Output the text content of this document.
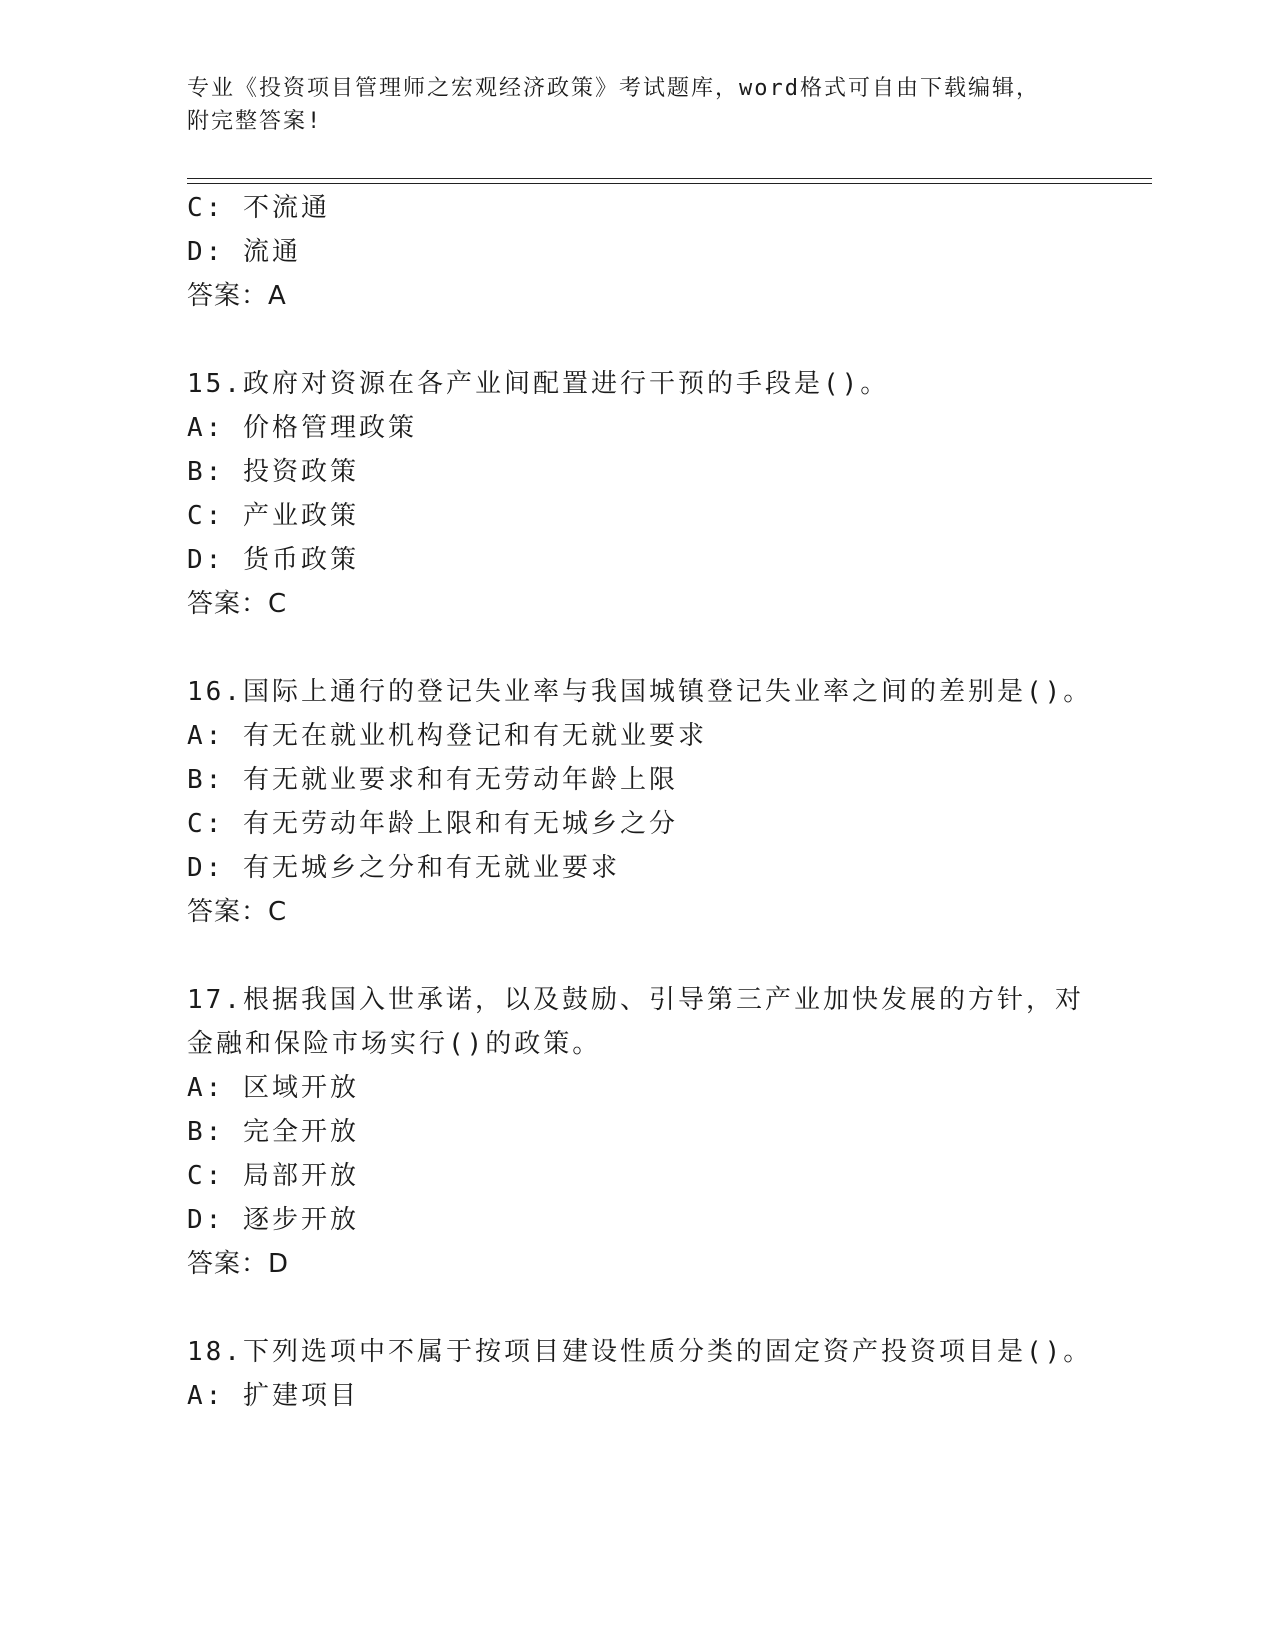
专业《投资项目管理师之宏观经济政策》考试题库，word格式可自由下载编辑，
附完整答案!
C: 不流通
D: 流通
答案：A
15.政府对资源在各产业间配置进行干预的手段是()。
A: 价格管理政策
B: 投资政策
C: 产业政策
D: 货币政策
答案：C
16.国际上通行的登记失业率与我国城镇登记失业率之间的差别是()。
A: 有无在就业机构登记和有无就业要求
B: 有无就业要求和有无劳动年龄上限
C: 有无劳动年龄上限和有无城乡之分
D: 有无城乡之分和有无就业要求
答案：C
17.根据我国入世承诺，以及鼓励、引导第三产业加快发展的方针，对
金融和保险市场实行()的政策。
A: 区域开放
B: 完全开放
C: 局部开放
D: 逐步开放
答案：D
18.下列选项中不属于按项目建设性质分类的固定资产投资项目是()。
A: 扩建项目
